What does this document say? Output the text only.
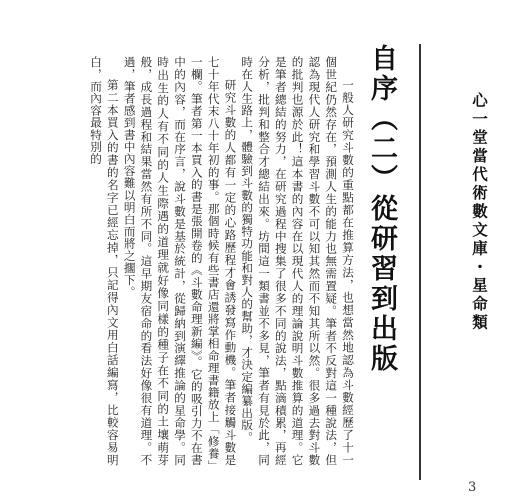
自序（二）從研習到出版

一般人研究斗數的重點都在推算方法，也想當然地認為斗數經歷了十一個世紀仍然存在，預測人生的能力也無需置疑。筆者不反對這一種說法，但認為現代人研究和學習斗數不可以知其然而不知其所以然。很多過去對斗數的批判也源於此！這本書的內容在以現代人的理論說明斗數推算的道理。它是筆者總結的努力，在研究過程中搜集了很多不同的說法，點滴積累，再經分析，批判和整合才總結出來。坊間這一類書並不多見，筆者有見於此，同時在人生路上，體驗到斗數的獨特功能和對人的幫助，才決定編纂出版。

研究斗數的人都有一定的心路歷程才會誘發寫作動機。筆者接觸斗數是七十年代末八十年初的事。那個時候有些書店還將掌相命理書籍放上「修養」一欄。筆者第一本買入的書是張開卷的《斗數命理新編》。它的吸引力不在書中的內容，而在序言，說斗數是基於統計，從歸納到演繹推論的星命學。同時出生的人有不同的人生際遇的道理就好像同樣的種子在不同的土壤萌芽般，成長過程和結果當然有所不同。這早期友宿命的看法好像很有道理。不過，筆者感到書中內容難以明白而將之擱下。

第二本買入的書的名字已經忘掉，只記得內文用白話編寫，比較容易明白，而內容最特別的	心一堂當代術數文庫・星命類
3
